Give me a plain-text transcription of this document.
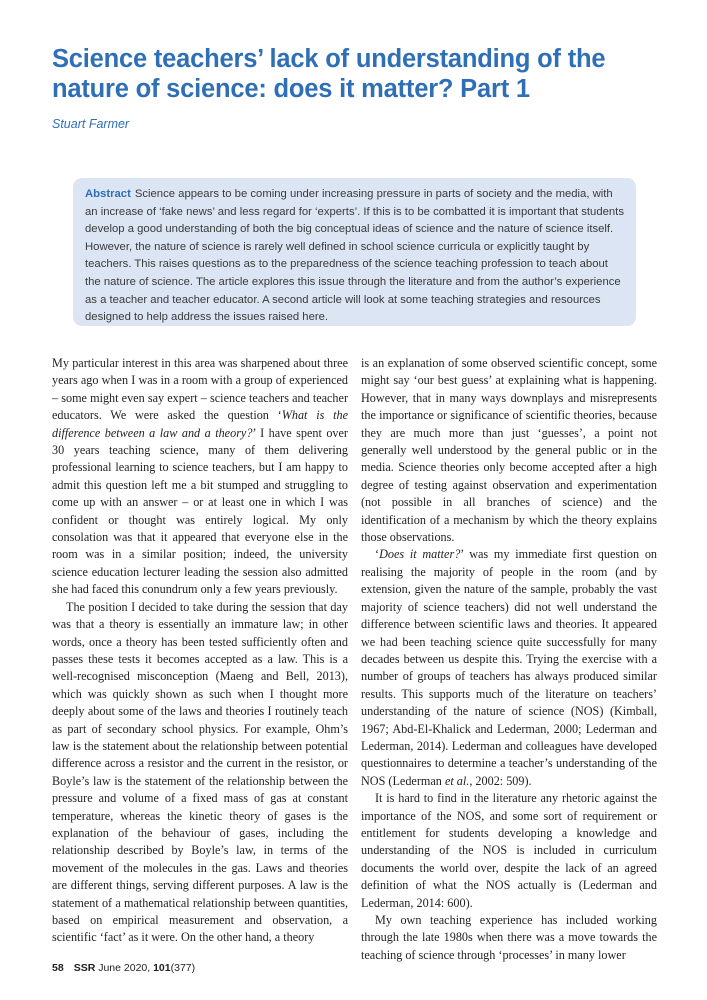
Science teachers’ lack of understanding of the nature of science: does it matter? Part 1
Stuart Farmer
Abstract Science appears to be coming under increasing pressure in parts of society and the media, with an increase of ‘fake news’ and less regard for ‘experts’. If this is to be combatted it is important that students develop a good understanding of both the big conceptual ideas of science and the nature of science itself. However, the nature of science is rarely well defined in school science curricula or explicitly taught by teachers. This raises questions as to the preparedness of the science teaching profession to teach about the nature of science. The article explores this issue through the literature and from the author’s experience as a teacher and teacher educator. A second article will look at some teaching strategies and resources designed to help address the issues raised here.

My particular interest in this area was sharpened about three years ago when I was in a room with a group of experienced – some might even say expert – science teachers and teacher educators. We were asked the question ‘What is the difference between a law and a theory?’ I have spent over 30 years teaching science, many of them delivering professional learning to science teachers, but I am happy to admit this question left me a bit stumped and struggling to come up with an answer – or at least one in which I was confident or thought was entirely logical. My only consolation was that it appeared that everyone else in the room was in a similar position; indeed, the university science education lecturer leading the session also admitted she had faced this conundrum only a few years previously.

The position I decided to take during the session that day was that a theory is essentially an immature law; in other words, once a theory has been tested sufficiently often and passes these tests it becomes accepted as a law. This is a well-recognised misconception (Maeng and Bell, 2013), which was quickly shown as such when I thought more deeply about some of the laws and theories I routinely teach as part of secondary school physics. For example, Ohm’s law is the statement about the relationship between potential difference across a resistor and the current in the resistor, or Boyle’s law is the statement of the relationship between the pressure and volume of a fixed mass of gas at constant temperature, whereas the kinetic theory of gases is the explanation of the behaviour of gases, including the relationship described by Boyle’s law, in terms of the movement of the molecules in the gas. Laws and theories are different things, serving different purposes. A law is the statement of a mathematical relationship between quantities, based on empirical measurement and observation, a scientific ‘fact’ as it were. On the other hand, a theory

is an explanation of some observed scientific concept, some might say ‘our best guess’ at explaining what is happening. However, that in many ways downplays and misrepresents the importance or significance of scientific theories, because they are much more than just ‘guesses’, a point not generally well understood by the general public or in the media. Science theories only become accepted after a high degree of testing against observation and experimentation (not possible in all branches of science) and the identification of a mechanism by which the theory explains those observations.

‘Does it matter?’ was my immediate first question on realising the majority of people in the room (and by extension, given the nature of the sample, probably the vast majority of science teachers) did not well understand the difference between scientific laws and theories. It appeared we had been teaching science quite successfully for many decades between us despite this. Trying the exercise with a number of groups of teachers has always produced similar results. This supports much of the literature on teachers’ understanding of the nature of science (NOS) (Kimball, 1967; Abd-El-Khalick and Lederman, 2000; Lederman and Lederman, 2014). Lederman and colleagues have developed questionnaires to determine a teacher’s understanding of the NOS (Lederman et al., 2002: 509).

It is hard to find in the literature any rhetoric against the importance of the NOS, and some sort of requirement or entitlement for students developing a knowledge and understanding of the NOS is included in curriculum documents the world over, despite the lack of an agreed definition of what the NOS actually is (Lederman and Lederman, 2014: 600).

My own teaching experience has included working through the late 1980s when there was a move towards the teaching of science through ‘processes’ in many lower

58 SSR June 2020, 101(377)
